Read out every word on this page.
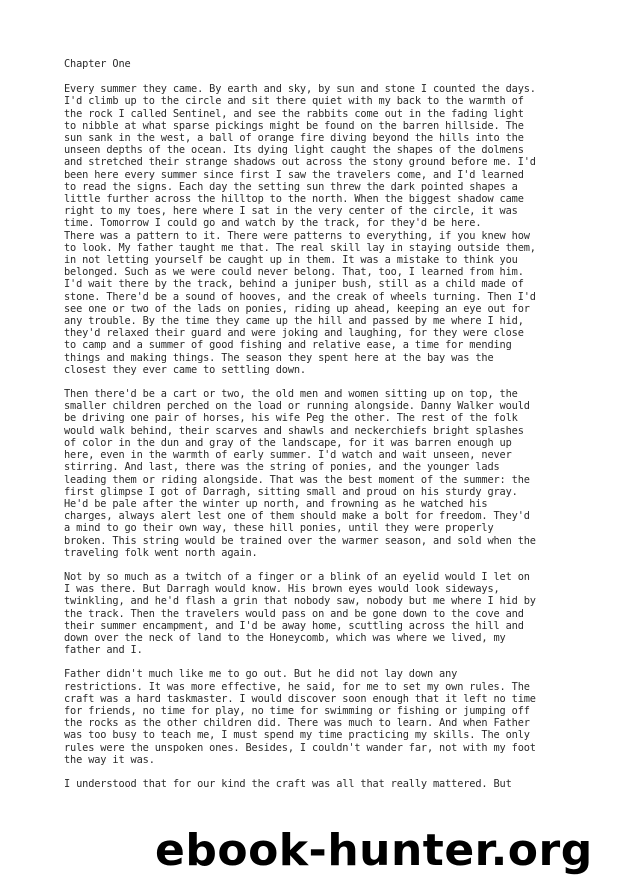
Chapter One

Every summer they came. By earth and sky, by sun and stone I counted the days.
I'd climb up to the circle and sit there quiet with my back to the warmth of
the rock I called Sentinel, and see the rabbits come out in the fading light
to nibble at what sparse pickings might be found on the barren hillside. The
sun sank in the west, a ball of orange fire diving beyond the hills into the
unseen depths of the ocean. Its dying light caught the shapes of the dolmens
and stretched their strange shadows out across the stony ground before me. I'd
been here every summer since first I saw the travelers come, and I'd learned
to read the signs. Each day the setting sun threw the dark pointed shapes a
little further across the hilltop to the north. When the biggest shadow came
right to my toes, here where I sat in the very center of the circle, it was
time. Tomorrow I could go and watch by the track, for they'd be here.

There was a pattern to it. There were patterns to everything, if you knew how
to look. My father taught me that. The real skill lay in staying outside them,
in not letting yourself be caught up in them. It was a mistake to think you
belonged. Such as we were could never belong. That, too, I learned from him.
I'd wait there by the track, behind a juniper bush, still as a child made of
stone. There'd be a sound of hooves, and the creak of wheels turning. Then I'd
see one or two of the lads on ponies, riding up ahead, keeping an eye out for
any trouble. By the time they came up the hill and passed by me where I hid,
they'd relaxed their guard and were joking and laughing, for they were close
to camp and a summer of good fishing and relative ease, a time for mending
things and making things. The season they spent here at the bay was the
closest they ever came to settling down.

Then there'd be a cart or two, the old men and women sitting up on top, the
smaller children perched on the load or running alongside. Danny Walker would
be driving one pair of horses, his wife Peg the other. The rest of the folk
would walk behind, their scarves and shawls and neckerchiefs bright splashes
of color in the dun and gray of the landscape, for it was barren enough up
here, even in the warmth of early summer. I'd watch and wait unseen, never
stirring. And last, there was the string of ponies, and the younger lads
leading them or riding alongside. That was the best moment of the summer: the
first glimpse I got of Darragh, sitting small and proud on his sturdy gray.
He'd be pale after the winter up north, and frowning as he watched his
charges, always alert lest one of them should make a bolt for freedom. They'd
a mind to go their own way, these hill ponies, until they were properly
broken. This string would be trained over the warmer season, and sold when the
traveling folk went north again.

Not by so much as a twitch of a finger or a blink of an eyelid would I let on
I was there. But Darragh would know. His brown eyes would look sideways,
twinkling, and he'd flash a grin that nobody saw, nobody but me where I hid by
the track. Then the travelers would pass on and be gone down to the cove and
their summer encampment, and I'd be away home, scuttling across the hill and
down over the neck of land to the Honeycomb, which was where we lived, my
father and I.

Father didn't much like me to go out. But he did not lay down any
restrictions. It was more effective, he said, for me to set my own rules. The
craft was a hard taskmaster. I would discover soon enough that it left no time
for friends, no time for play, no time for swimming or fishing or jumping off
the rocks as the other children did. There was much to learn. And when Father
was too busy to teach me, I must spend my time practicing my skills. The only
rules were the unspoken ones. Besides, I couldn't wander far, not with my foot
the way it was.

I understood that for our kind the craft was all that really mattered. But

ebook-hunter.org
